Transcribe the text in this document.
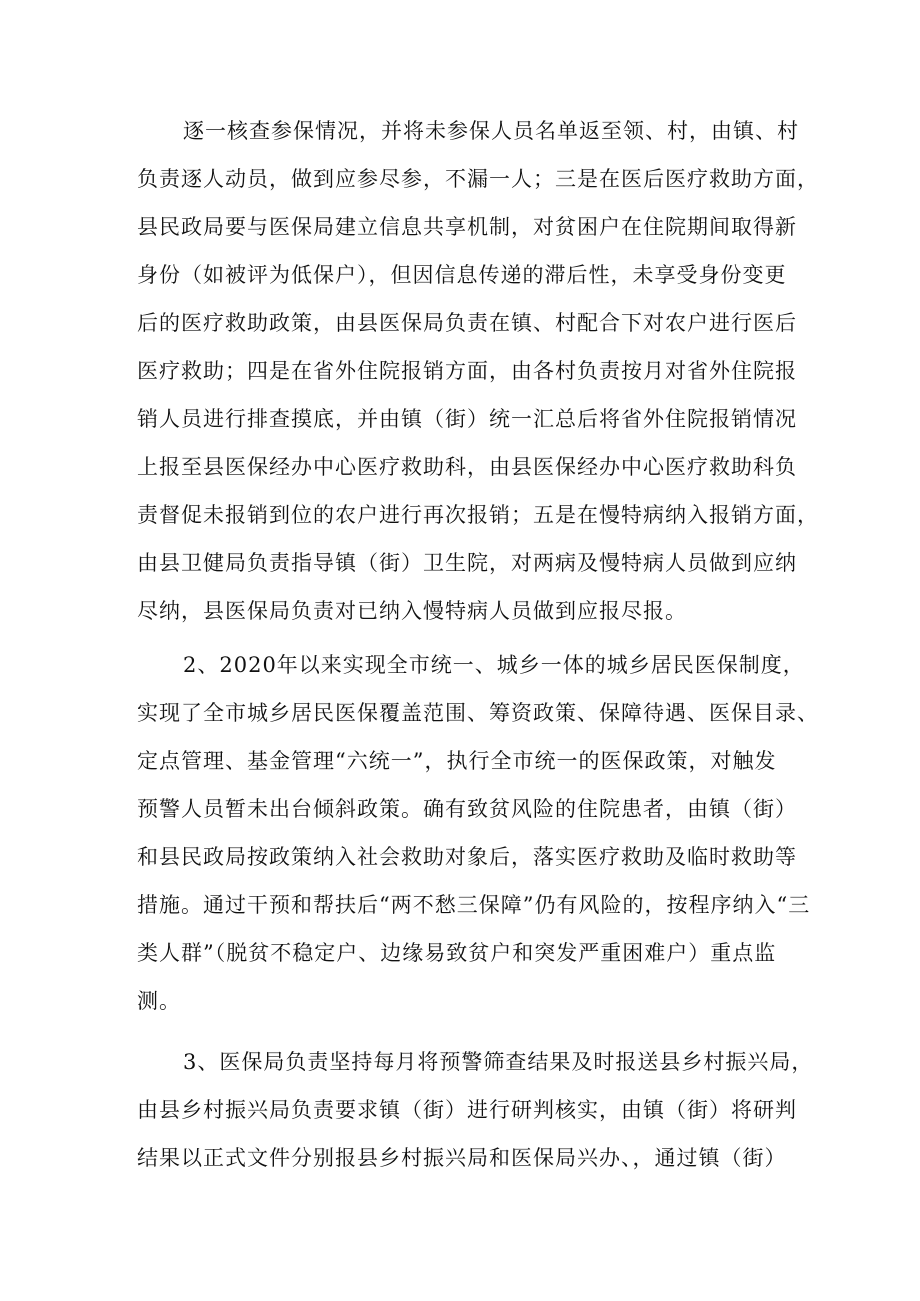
逐一核查参保情况，并将未参保人员名单返至领、村，由镇、村
负责逐人动员，做到应参尽参，不漏一人；三是在医后医疗救助方面，
县民政局要与医保局建立信息共享机制，对贫困户在住院期间取得新
身份（如被评为低保户），但因信息传递的滞后性，未享受身份变更
后的医疗救助政策，由县医保局负责在镇、村配合下对农户进行医后
医疗救助；四是在省外住院报销方面，由各村负责按月对省外住院报
销人员进行排查摸底，并由镇（街）统一汇总后将省外住院报销情况
上报至县医保经办中心医疗救助科，由县医保经办中心医疗救助科负
责督促未报销到位的农户进行再次报销；五是在慢特病纳入报销方面，
由县卫健局负责指导镇（街）卫生院，对两病及慢特病人员做到应纳
尽纳，县医保局负责对已纳入慢特病人员做到应报尽报。
2、2020年以来实现全市统一、城乡一体的城乡居民医保制度，
实现了全市城乡居民医保覆盖范围、筹资政策、保障待遇、医保目录、
定点管理、基金管理“六统一”，执行全市统一的医保政策，对触发
预警人员暂未出台倾斜政策。确有致贫风险的住院患者，由镇（街）
和县民政局按政策纳入社会救助对象后，落实医疗救助及临时救助等
措施。通过干预和帮扶后“两不愁三保障”仍有风险的，按程序纳入“三
类人群”（脱贫不稳定户、边缘易致贫户和突发严重困难户）重点监
测。
3、医保局负责坚持每月将预警筛查结果及时报送县乡村振兴局，
由县乡村振兴局负责要求镇（街）进行研判核实，由镇（街）将研判
结果以正式文件分别报县乡村振兴局和医保局兴办、，通过镇（街）
